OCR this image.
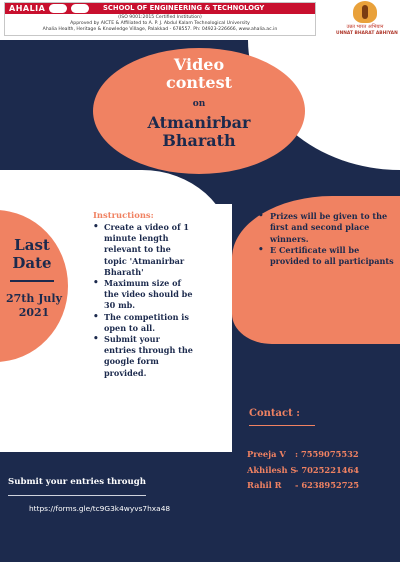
AHALIA	SCHOOL OF ENGINEERING & TECHNOLOGY
(ISO 9001:2015 Certified Institution)
Approved by AICTE & Affiliated to A. P. J. Abdul Kalam Technological University
Ahalia Health, Heritage & Knowledge Village, Palakkad - 678557. Ph: 04923-226666, www.ahalia.ac.in	उन्नत भारत अभियान
UNNAT BHARAT ABHIYAN
Video
contest
on
Atmanirbar
Bharath
Last
Date
27th July
2021
Instructions:
• Create a video of 1 minute length relevant to the topic 'Atmanirbar Bharath'
• Maximum size of the video should be 30 mb.
• The competition is open to all.
• Submit your entries through the google form provided.
• Prizes will be given to the first and second place winners.
• E Certificate will be provided to all participants
Contact :
Preeja V : 7559075532
Akhilesh S
- 7025221464
Rahil R - 6238952725
Submit your entries through
https://forms.gle/tc9G3k4wyvs7hxa48
